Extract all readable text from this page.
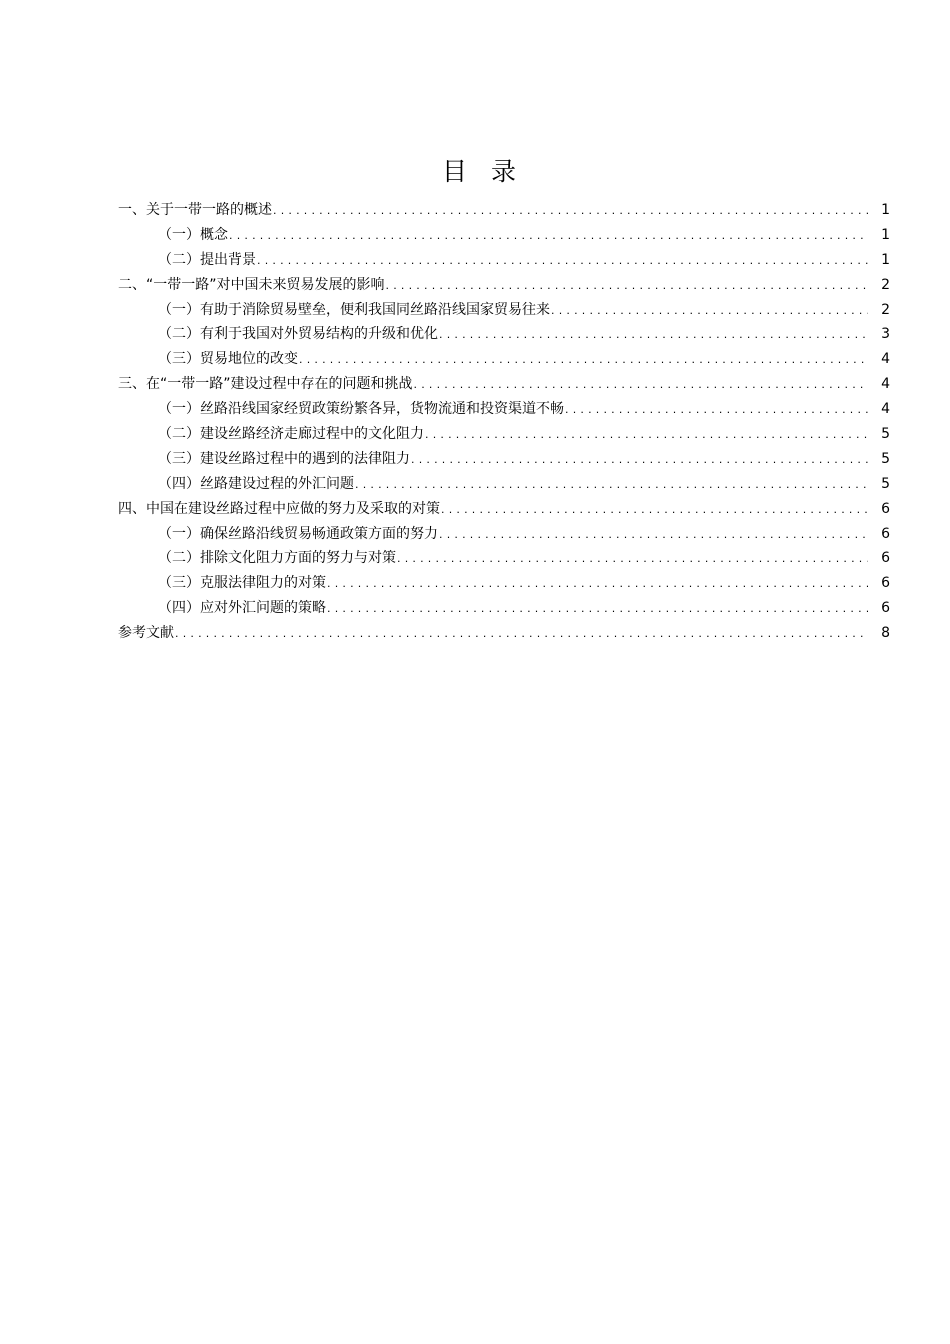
目 录
一、关于一带一路的概述 .....	1
（一）概念 .....	1
（二）提出背景 .....	1
二、“一带一路”对中国未来贸易发展的影响 .....	2
（一）有助于消除贸易壁垒，便利我国同丝路沿线国家贸易往来 .....	2
（二）有利于我国对外贸易结构的升级和优化 .....	3
（三）贸易地位的改变 .....	4
三、在“一带一路”建设过程中存在的问题和挑战 .....	4
（一）丝路沿线国家经贸政策纷繁各异，货物流通和投资渠道不畅 .....	4
（二）建设丝路经济走廊过程中的文化阻力 .....	5
（三）建设丝路过程中的遇到的法律阻力 .....	5
（四）丝路建设过程的外汇问题 .....	5
四、中国在建设丝路过程中应做的努力及采取的对策 .....	6
（一）确保丝路沿线贸易畅通政策方面的努力 .....	6
（二）排除文化阻力方面的努力与对策 .....	6
（三）克服法律阻力的对策 .....	6
（四）应对外汇问题的策略 .....	6
参考文献 .....	8
